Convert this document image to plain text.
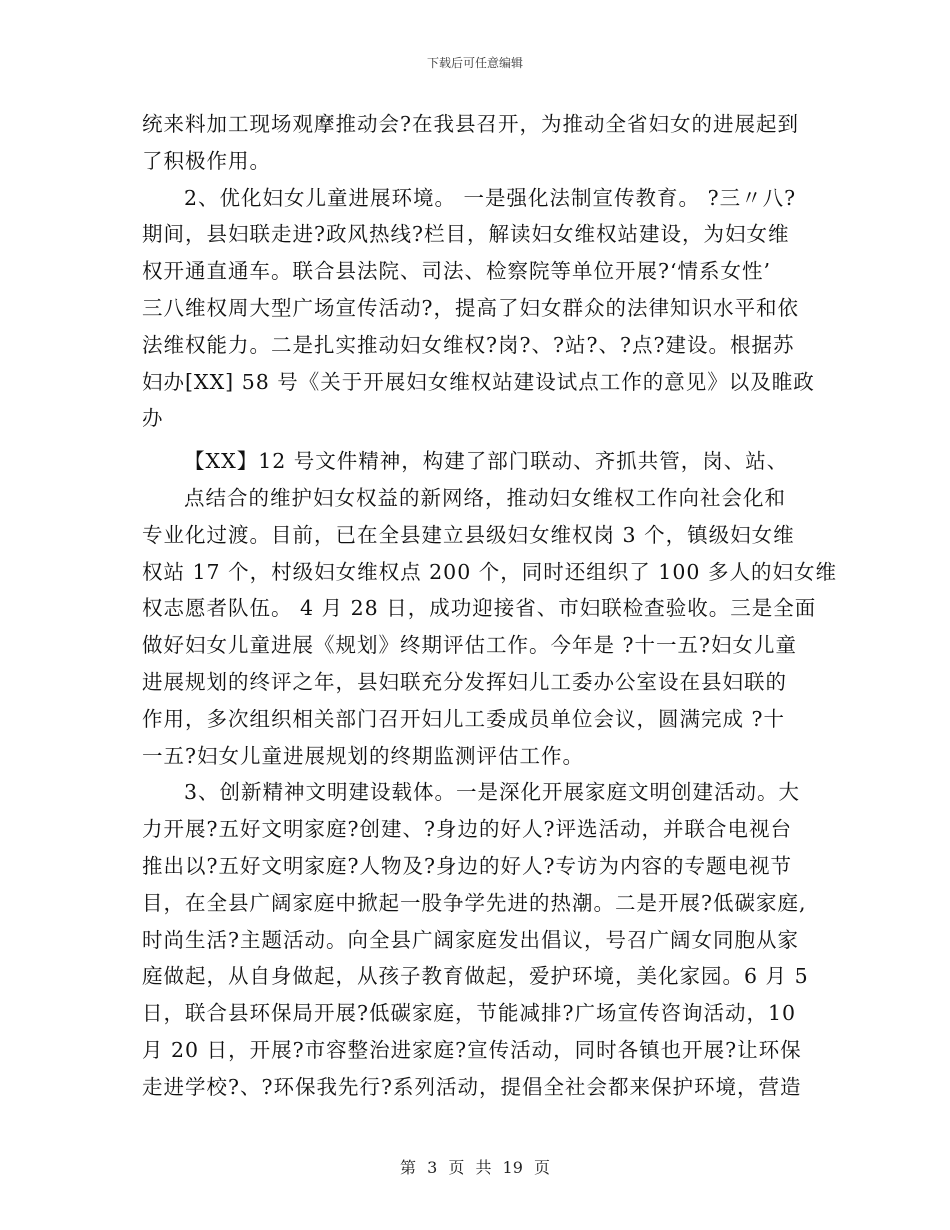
下载后可任意编辑
统来料加工现场观摩推动会?在我县召开，为推动全省妇女的进展起到
了积极作用。
2、优化妇女儿童进展环境。 一是强化法制宣传教育。 ?三〃八?
期间，县妇联走进?政风热线?栏目，解读妇女维权站建设，为妇女维
权开通直通车。联合县法院、司法、检察院等单位开展?‘情系女性’
三八维权周大型广场宣传活动?，提高了妇女群众的法律知识水平和依
法维权能力。二是扎实推动妇女维权?岗?、?站?、?点?建设。根据苏
妇办[XX] 58 号《关于开展妇女维权站建设试点工作的意见》以及睢政
办
【XX】12 号文件精神，构建了部门联动、齐抓共管，岗、站、
点结合的维护妇女权益的新网络，推动妇女维权工作向社会化和
专业化过渡。目前，已在全县建立县级妇女维权岗 3 个，镇级妇女维
权站 17 个，村级妇女维权点 200 个，同时还组织了 100 多人的妇女维
权志愿者队伍。 4 月 28 日，成功迎接省、市妇联检查验收。三是全面
做好妇女儿童进展《规划》终期评估工作。今年是 ?十一五?妇女儿童
进展规划的终评之年，县妇联充分发挥妇儿工委办公室设在县妇联的
作用，多次组织相关部门召开妇儿工委成员单位会议，圆满完成 ?十
一五?妇女儿童进展规划的终期监测评估工作。
3、创新精神文明建设载体。一是深化开展家庭文明创建活动。大
力开展?五好文明家庭?创建、?身边的好人?评选活动，并联合电视台
推出以?五好文明家庭?人物及?身边的好人?专访为内容的专题电视节
目，在全县广阔家庭中掀起一股争学先进的热潮。二是开展?低碳家庭,
时尚生活?主题活动。向全县广阔家庭发出倡议，号召广阔女同胞从家
庭做起，从自身做起，从孩子教育做起，爱护环境，美化家园。6 月 5
日，联合县环保局开展?低碳家庭，节能减排?广场宣传咨询活动，10
月 20 日，开展?市容整治进家庭?宣传活动，同时各镇也开展?让环保
走进学校?、?环保我先行?系列活动，提倡全社会都来保护环境，营造
第 3 页 共 19 页
